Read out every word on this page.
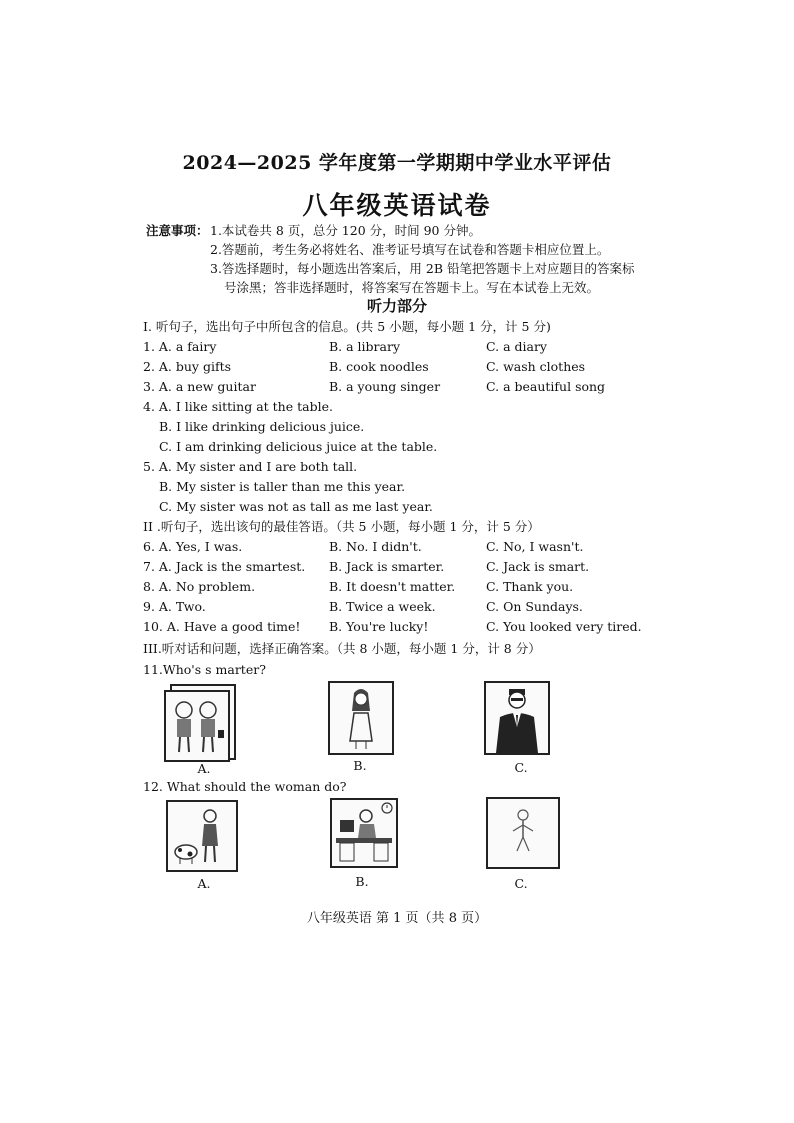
2024—2025 学年度第一学期期中学业水平评估
八年级英语试卷
注意事项： 1.本试卷共 8 页，总分 120 分，时间 90 分钟。
2.答题前，考生务必将姓名、准考证号填写在试卷和答题卡相应位置上。
3.答选择题时，每小题选出答案后，用 2B 铅笔把答题卡上对应题目的答案标
号涂黑；答非选择题时，将答案写在答题卡上。写在本试卷上无效。
听力部分
I. 听句子，选出句子中所包含的信息。(共 5 小题，每小题 1 分，计 5 分)
1. A. a fairy	B. a library	C. a diary
2. A. buy gifts	B. cook noodles	C. wash clothes
3. A. a new guitar	B. a young singer	C. a beautiful song
4. A. I like sitting at the table.
B. I like drinking delicious juice.
C. I am drinking delicious juice at the table.
5. A. My sister and I are both tall.
B. My sister is taller than me this year.
C. My sister was not as tall as me last year.
II .听句子，选出该句的最佳答语。（共 5 小题，每小题 1 分，计 5 分）
6. A. Yes, I was.	B. No. I didn't.	C. No, I wasn't.
7. A. Jack is the smartest.	B. Jack is smarter.	C. Jack is smart.
8. A. No problem.	B. It doesn't matter.	C. Thank you.
9. A. Two.	B. Twice a week.	C. On Sundays.
10. A. Have a good time!	B. You're lucky!	C. You looked very tired.
III.听对话和问题，选择正确答案。（共 8 小题，每小题 1 分，计 8 分）
11.Who's s marter?
A.	B.	C.
12. What should the woman do?
A.	B.	C.
八年级英语 第 1 页（共 8 页）
